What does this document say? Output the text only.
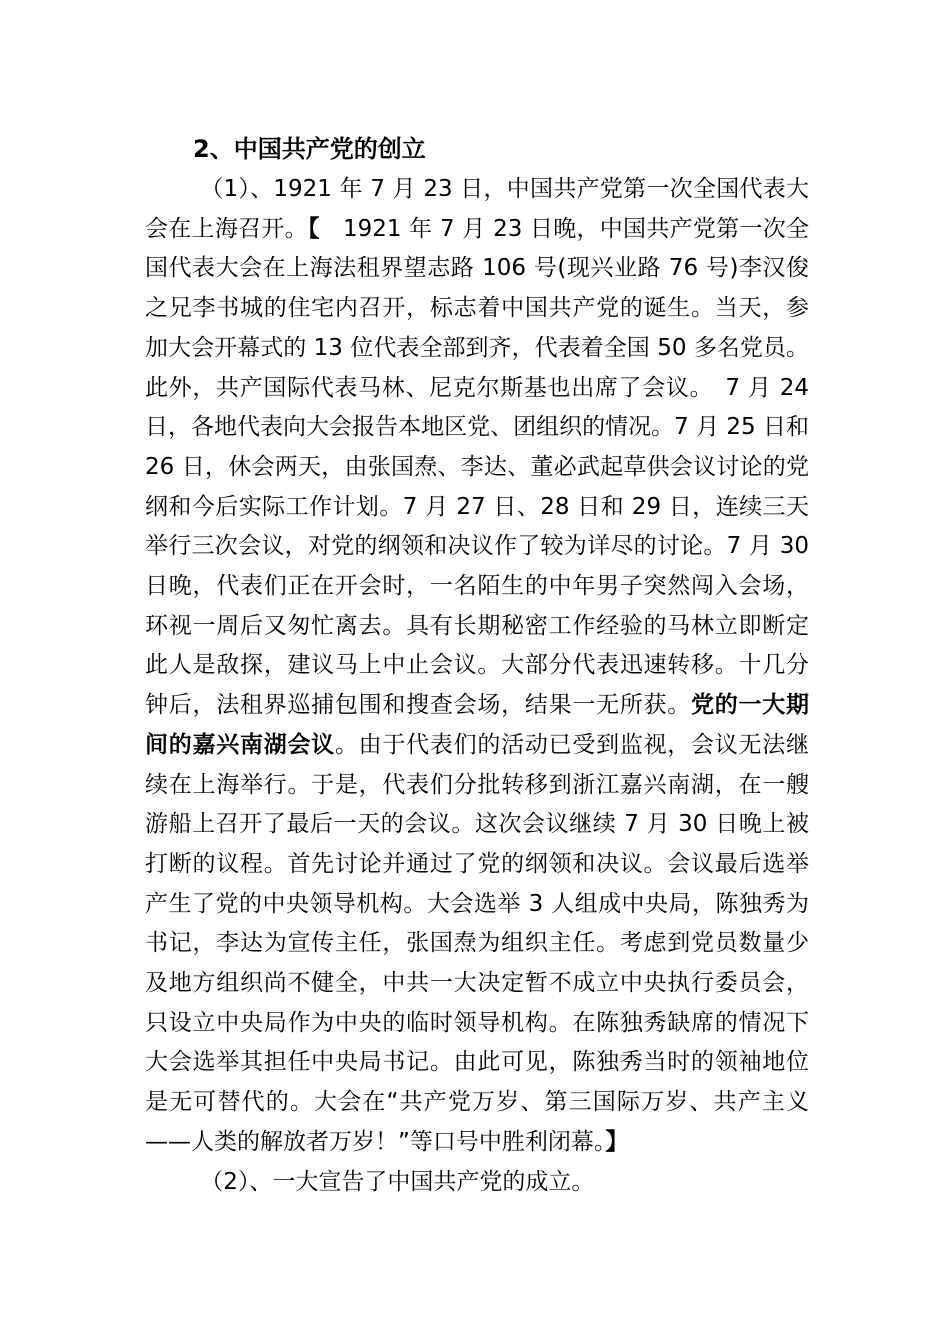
2、中国共产党的创立

（1）、1921 年 7 月 23 日，中国共产党第一次全国代表大会在上海召开。【　1921 年 7 月 23 日晚，中国共产党第一次全国代表大会在上海法租界望志路 106 号(现兴业路 76 号)李汉俊之兄李书城的住宅内召开，标志着中国共产党的诞生。当天，参加大会开幕式的 13 位代表全部到齐，代表着全国 50 多名党员。此外，共产国际代表马林、尼克尔斯基也出席了会议。　7 月 24 日，各地代表向大会报告本地区党、团组织的情况。7 月 25 日和 26 日，休会两天，由张国焘、李达、董必武起草供会议讨论的党纲和今后实际工作计划。7 月 27 日、28 日和 29 日，连续三天举行三次会议，对党的纲领和决议作了较为详尽的讨论。7 月 30 日晚，代表们正在开会时，一名陌生的中年男子突然闯入会场，环视一周后又匆忙离去。具有长期秘密工作经验的马林立即断定此人是敌探，建议马上中止会议。大部分代表迅速转移。十几分钟后，法租界巡捕包围和搜查会场，结果一无所获。党的一大期间的嘉兴南湖会议。由于代表们的活动已受到监视，会议无法继续在上海举行。于是，代表们分批转移到浙江嘉兴南湖，在一艘游船上召开了最后一天的会议。这次会议继续 7 月 30 日晚上被打断的议程。首先讨论并通过了党的纲领和决议。会议最后选举产生了党的中央领导机构。大会选举 3 人组成中央局，陈独秀为书记，李达为宣传主任，张国焘为组织主任。考虑到党员数量少及地方组织尚不健全，中共一大决定暂不成立中央执行委员会，只设立中央局作为中央的临时领导机构。在陈独秀缺席的情况下大会选举其担任中央局书记。由此可见，陈独秀当时的领袖地位是无可替代的。大会在“共产党万岁、第三国际万岁、共产主义——人类的解放者万岁！”等口号中胜利闭幕。】

（2）、一大宣告了中国共产党的成立。
